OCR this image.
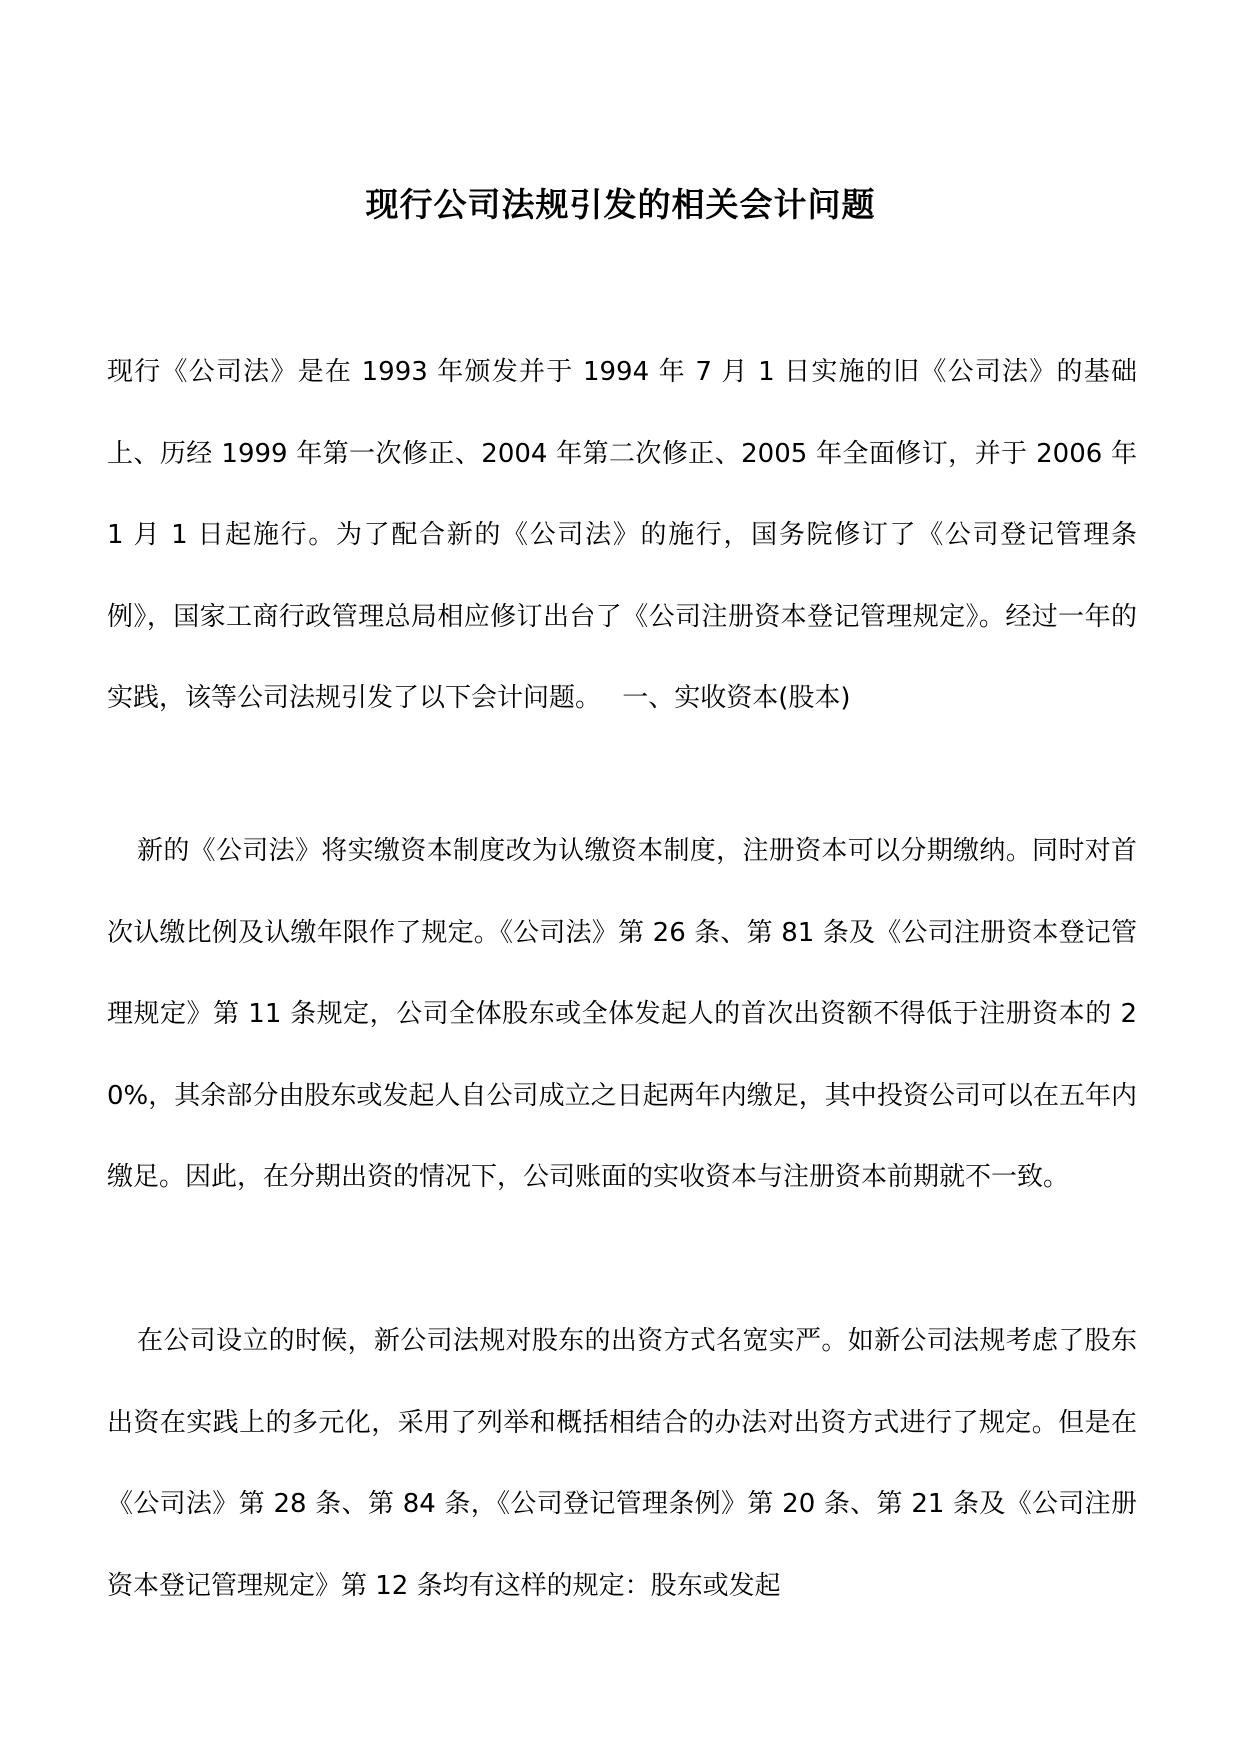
现行公司法规引发的相关会计问题

现行《公司法》是在 1993 年颁发并于 1994 年 7 月 1 日实施的旧《公司法》的基础上、历经 1999 年第一次修正、2004 年第二次修正、2005 年全面修订，并于 2006 年 1 月 1 日起施行。为了配合新的《公司法》的施行，国务院修订了《公司登记管理条例》，国家工商行政管理总局相应修订出台了《公司注册资本登记管理规定》。经过一年的实践，该等公司法规引发了以下会计问题。　 一、实收资本(股本)

新的《公司法》将实缴资本制度改为认缴资本制度，注册资本可以分期缴纳。同时对首次认缴比例及认缴年限作了规定。《公司法》第 26 条、第 81 条及《公司注册资本登记管理规定》第 11 条规定，公司全体股东或全体发起人的首次出资额不得低于注册资本的 20%，其余部分由股东或发起人自公司成立之日起两年内缴足，其中投资公司可以在五年内缴足。因此，在分期出资的情况下，公司账面的实收资本与注册资本前期就不一致。

在公司设立的时候，新公司法规对股东的出资方式名宽实严。如新公司法规考虑了股东出资在实践上的多元化，采用了列举和概括相结合的办法对出资方式进行了规定。但是在《公司法》第 28 条、第 84 条，《公司登记管理条例》第 20 条、第 21 条及《公司注册资本登记管理规定》第 12 条均有这样的规定：股东或发起
